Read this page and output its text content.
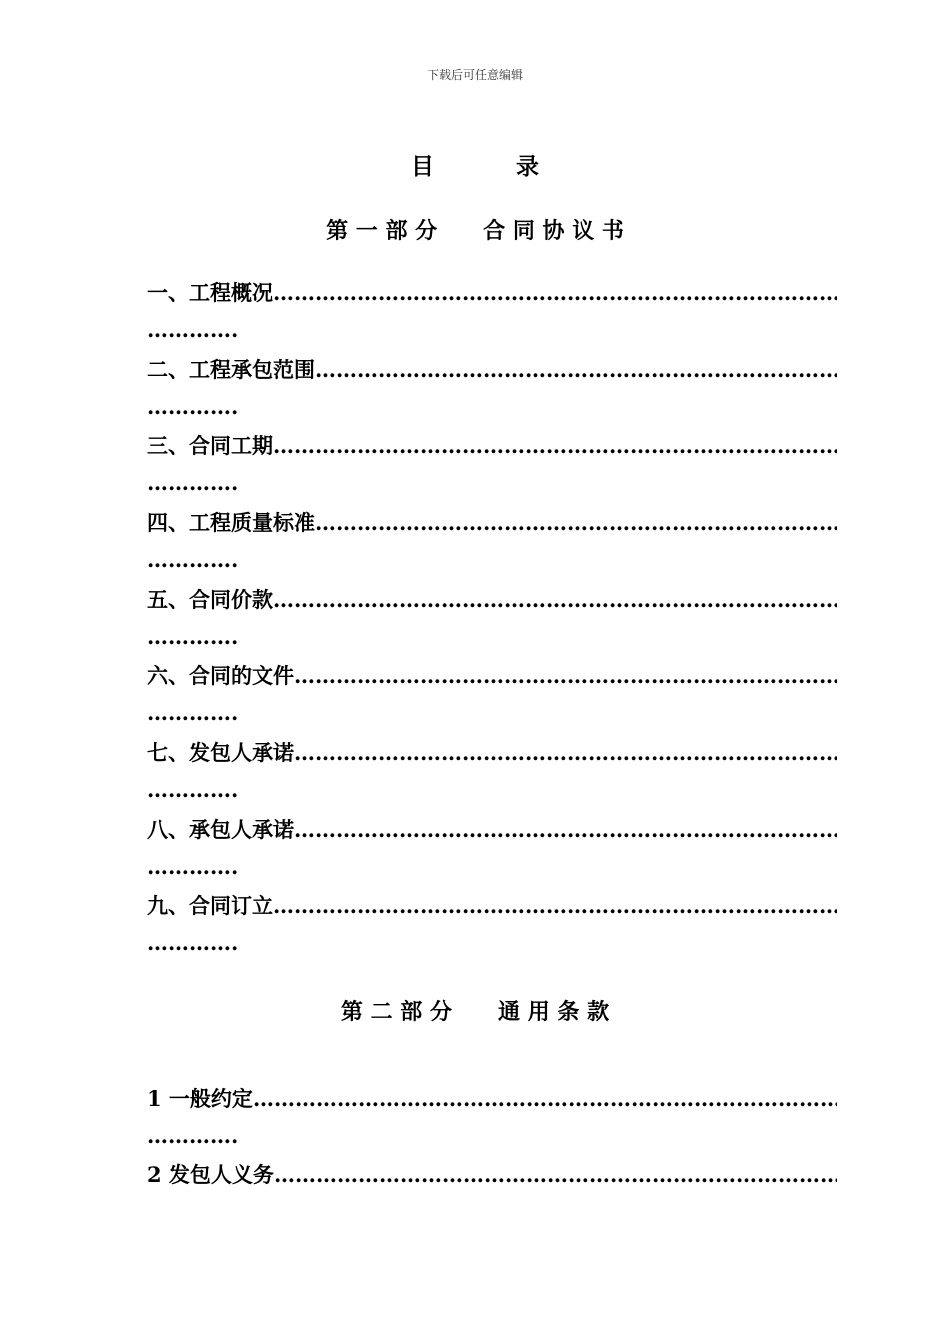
下载后可任意编辑
目	录
第 一 部 分 合 同 协 议 书
一、工程概况
…………………………………………………………………………………………………………………………………………
…………………………
二、工程承包范围
…………………………………………………………………………………………………………………………………………
…………………………
三、合同工期
…………………………………………………………………………………………………………………………………………
…………………………
四、工程质量标准
…………………………………………………………………………………………………………………………………………
…………………………
五、合同价款
…………………………………………………………………………………………………………………………………………
…………………………
六、合同的文件
…………………………………………………………………………………………………………………………………………
…………………………
七、发包人承诺
…………………………………………………………………………………………………………………………………………
…………………………
八、承包人承诺
…………………………………………………………………………………………………………………………………………
…………………………
九、合同订立
…………………………………………………………………………………………………………………………………………
…………………………
第 二 部 分 通 用 条 款
1 一般约定
…………………………………………………………………………………………………………………………………………
…………………………
2 发包人义务
…………………………………………………………………………………………………………………………………………
